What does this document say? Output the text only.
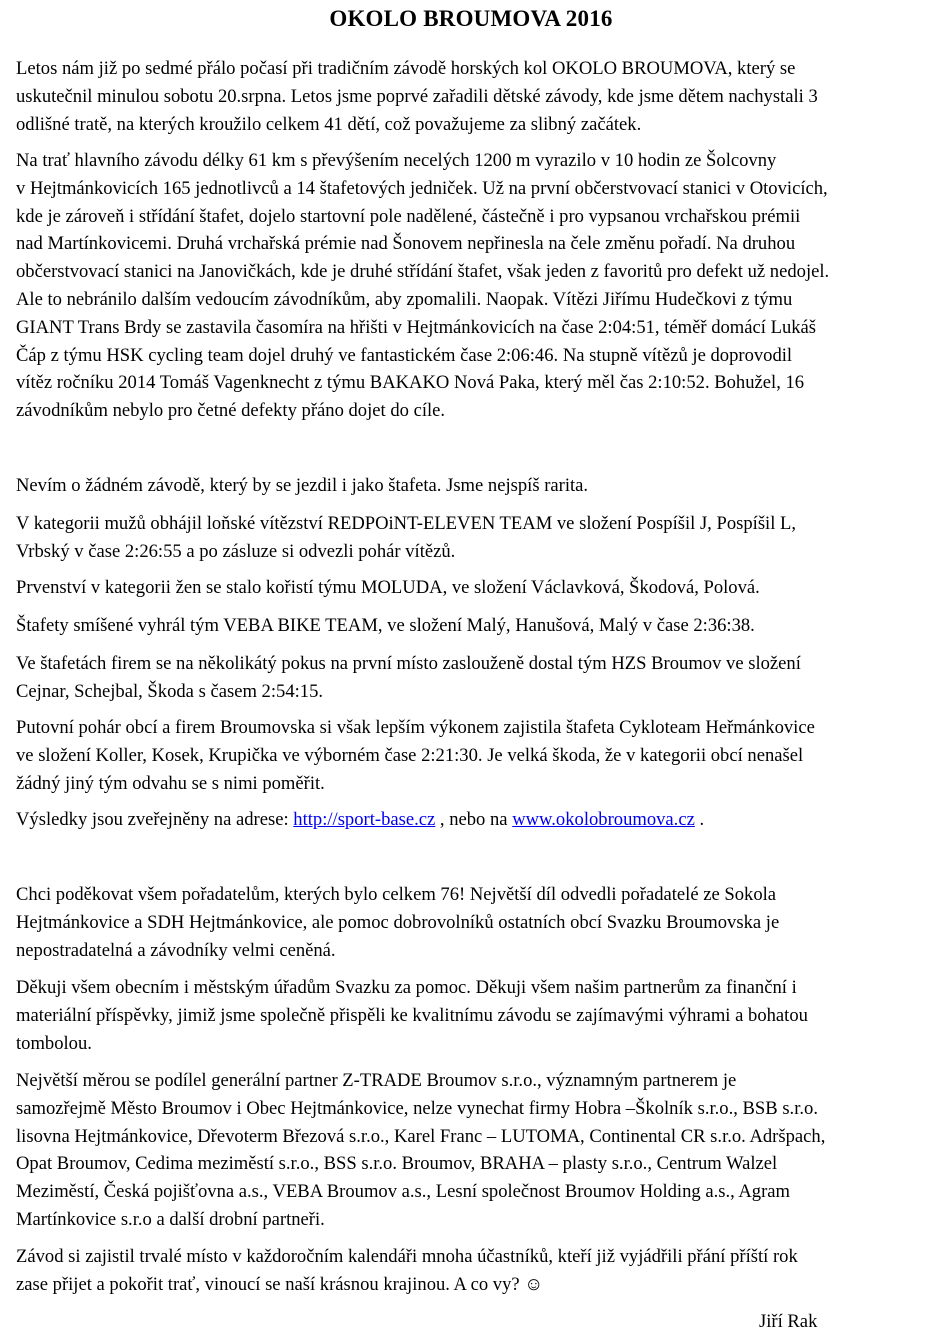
OKOLO BROUMOVA 2016
Letos nám již po sedmé přálo počasí při tradičním závodě horských kol OKOLO BROUMOVA, který se
uskutečnil minulou sobotu 20.srpna. Letos jsme poprvé zařadili dětské závody, kde jsme dětem nachystali 3
odlišné tratě, na kterých kroužilo celkem 41 dětí, což považujeme za slibný začátek.
Na trať hlavního závodu délky 61 km s převýšením necelých 1200 m vyrazilo v 10 hodin ze Šolcovny
v Hejtmánkovicích 165 jednotlivců a 14 štafetových jedniček. Už na první občerstvovací stanici v Otovicích,
kde je zároveň i střídání štafet, dojelo startovní pole nadělené, částečně i pro vypsanou vrchařskou prémii
nad Martínkovicemi. Druhá vrchařská prémie nad Šonovem nepřinesla na čele změnu pořadí. Na druhou
občerstvovací stanici na Janovičkách, kde je druhé střídání štafet, však jeden z favoritů pro defekt už nedojel.
Ale to nebránilo dalším vedoucím závodníkům, aby zpomalili. Naopak. Vítězi Jiřímu Hudečkovi z týmu
GIANT Trans Brdy se zastavila časomíra na hřišti v Hejtmánkovicích na čase 2:04:51, téměř domácí Lukáš
Čáp z týmu HSK cycling team dojel druhý ve fantastickém čase 2:06:46. Na stupně vítězů je doprovodil
vítěz ročníku 2014 Tomáš Vagenknecht z týmu BAKAKO Nová Paka, který měl čas 2:10:52. Bohužel, 16
závodníkům nebylo pro četné defekty přáno dojet do cíle.
Nevím o žádném závodě, který by se jezdil i jako štafeta. Jsme nejspíš rarita.
V kategorii mužů obhájil loňské vítězství REDPOiNT-ELEVEN TEAM ve složení Pospíšil J, Pospíšil L,
Vrbský v čase 2:26:55 a po zásluze si odvezli pohár vítězů.
Prvenství v kategorii žen se stalo kořistí týmu MOLUDA, ve složení Václavková, Škodová, Polová.
Štafety smíšené vyhrál tým VEBA BIKE TEAM, ve složení Malý, Hanušová, Malý v čase 2:36:38.
Ve štafetách firem se na několikátý pokus na první místo zaslouženě dostal tým HZS Broumov ve složení
Cejnar, Schejbal, Škoda s časem 2:54:15.
Putovní pohár obcí a firem Broumovska si však lepším výkonem zajistila štafeta Cykloteam Heřmánkovice
ve složení Koller, Kosek, Krupička ve výborném čase 2:21:30. Je velká škoda, že v kategorii obcí nenašel
žádný jiný tým odvahu se s nimi poměřit.
Výsledky jsou zveřejněny na adrese: http://sport-base.cz , nebo na www.okolobroumova.cz .
Chci poděkovat všem pořadatelům, kterých bylo celkem 76! Největší díl odvedli pořadatelé ze Sokola
Hejtmánkovice a SDH Hejtmánkovice, ale pomoc dobrovolníků ostatních obcí Svazku Broumovska je
nepostradatelná a závodníky velmi ceněná.
Děkuji všem obecním i městským úřadům Svazku za pomoc. Děkuji všem našim partnerům za finanční i
materiální příspěvky, jimiž jsme společně přispěli ke kvalitnímu závodu se zajímavými výhrami a bohatou
tombolou.
Největší měrou se podílel generální partner Z-TRADE Broumov s.r.o., významným partnerem je
samozřejmě Město Broumov i Obec Hejtmánkovice, nelze vynechat firmy Hobra –Školník s.r.o., BSB s.r.o.
lisovna Hejtmánkovice, Dřevoterm Březová s.r.o., Karel Franc – LUTOMA, Continental CR s.r.o. Adršpach,
Opat Broumov, Cedima meziměstí s.r.o., BSS s.r.o. Broumov, BRAHA – plasty s.r.o., Centrum Walzel
Meziměstí, Česká pojišťovna a.s., VEBA Broumov a.s., Lesní společnost Broumov Holding a.s., Agram
Martínkovice s.r.o a další drobní partneři.
Závod si zajistil trvalé místo v každoročním kalendáři mnoha účastníků, kteří již vyjádřili přání příští rok
zase přijet a pokořit trať, vinoucí se naší krásnou krajinou. A co vy? ☺
Jiří Rak
